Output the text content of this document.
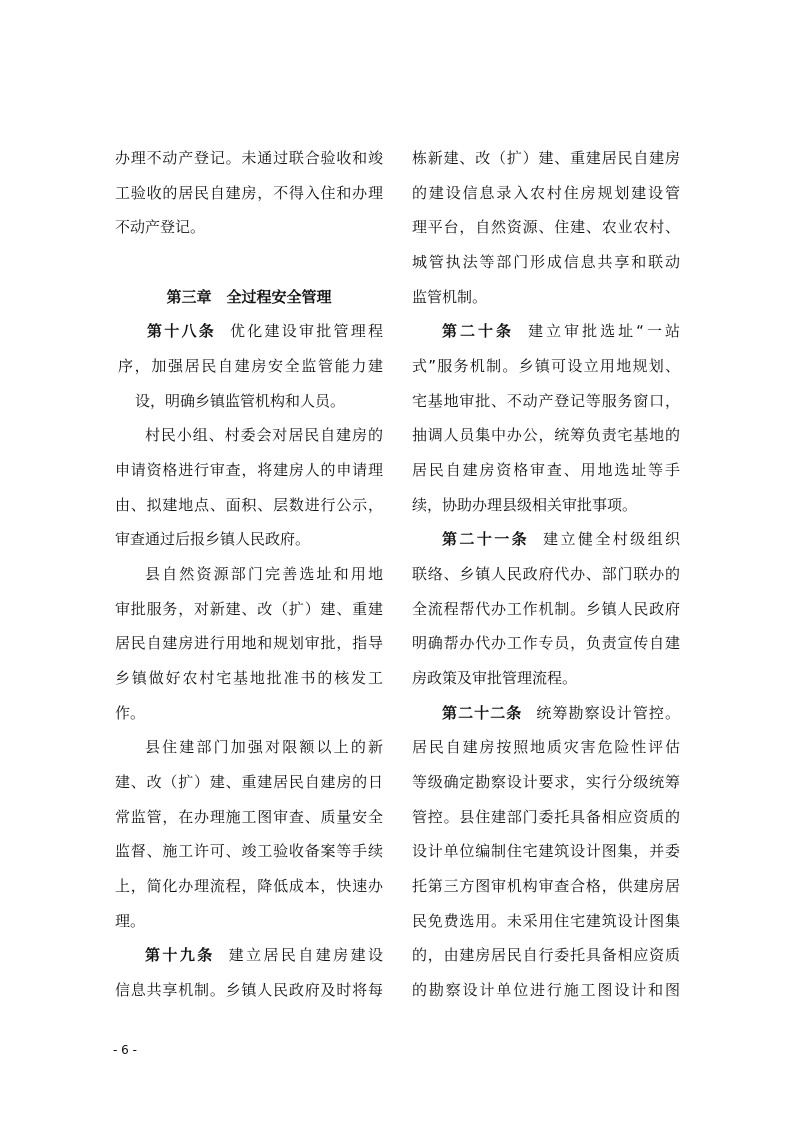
办理不动产登记。未通过联合验收和竣
工验收的居民自建房，不得入住和办理
不动产登记。
第十八条 优化建设审批管理程
序，加强居民自建房安全监管能力建
设，明确乡镇监管机构和人员。
村民小组、村委会对居民自建房的
申请资格进行审查，将建房人的申请理
由、拟建地点、面积、层数进行公示，
审查通过后报乡镇人民政府。
县自然资源部门完善选址和用地
审批服务，对新建、改（扩）建、重建
居民自建房进行用地和规划审批，指导
乡镇做好农村宅基地批准书的核发工
作。
县住建部门加强对限额以上的新
建、改（扩）建、重建居民自建房的日
常监管，在办理施工图审查、质量安全
监督、施工许可、竣工验收备案等手续
上，简化办理流程，降低成本，快速办
理。
第十九条 建立居民自建房建设
信息共享机制。乡镇人民政府及时将每
第三章　全过程安全管理
栋新建、改（扩）建、重建居民自建房
的建设信息录入农村住房规划建设管
理平台，自然资源、住建、农业农村、
城管执法等部门形成信息共享和联动
监管机制。
第二十条 建立审批选址“一站
式”服务机制。乡镇可设立用地规划、
宅基地审批、不动产登记等服务窗口，
抽调人员集中办公，统筹负责宅基地的
居民自建房资格审查、用地选址等手
续，协助办理县级相关审批事项。
第二十一条 建立健全村级组织
联络、乡镇人民政府代办、部门联办的
全流程帮代办工作机制。乡镇人民政府
明确帮办代办工作专员，负责宣传自建
房政策及审批管理流程。
第二十二条 统筹勘察设计管控。
居民自建房按照地质灾害危险性评估
等级确定勘察设计要求，实行分级统筹
管控。县住建部门委托具备相应资质的
设计单位编制住宅建筑设计图集，并委
托第三方图审机构审查合格，供建房居
民免费选用。未采用住宅建筑设计图集
的，由建房居民自行委托具备相应资质
的勘察设计单位进行施工图设计和图
- 6 -
